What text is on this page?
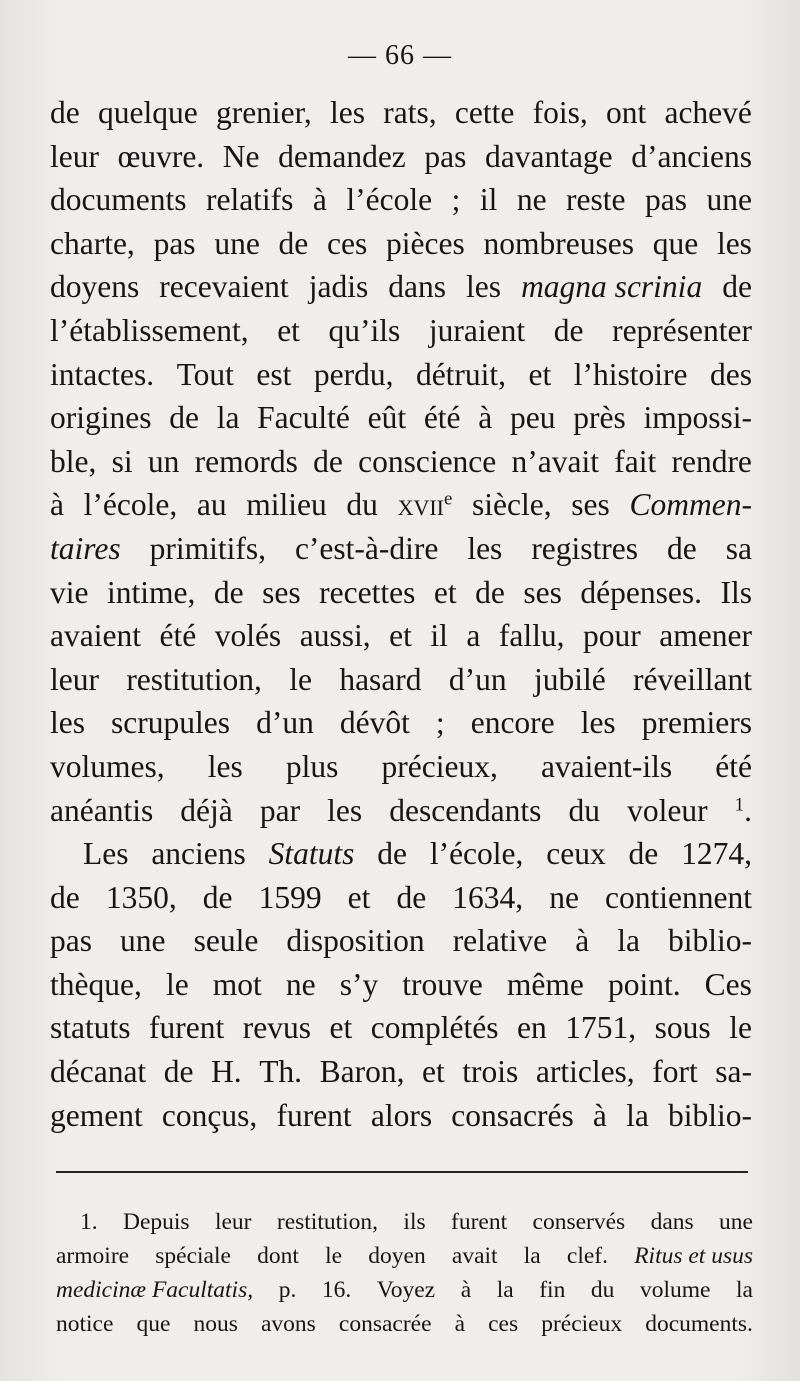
— 66 —
de quelque grenier, les rats, cette fois, ont achevé
leur œuvre. Ne demandez pas davantage d’anciens
documents relatifs à l’école ; il ne reste pas une
charte, pas une de ces pièces nombreuses que les
doyens recevaient jadis dans les magna scrinia de
l’établissement, et qu’ils juraient de représenter
intactes. Tout est perdu, détruit, et l’histoire des
origines de la Faculté eût été à peu près impossi-
ble, si un remords de conscience n’avait fait rendre
à l’école, au milieu du xvii$^e$ siècle, ses Commen-
taires primitifs, c’est-à-dire les registres de sa
vie intime, de ses recettes et de ses dépenses. Ils
avaient été volés aussi, et il a fallu, pour amener
leur restitution, le hasard d’un jubilé réveillant
les scrupules d’un dévôt ; encore les premiers
volumes, les plus précieux, avaient-ils été
anéantis déjà par les descendants du voleur $^1$.
Les anciens Statuts de l’école, ceux de 1274,
de 1350, de 1599 et de 1634, ne contiennent
pas une seule disposition relative à la biblio-
thèque, le mot ne s’y trouve même point. Ces
statuts furent revus et complétés en 1751, sous le
décanat de H. Th. Baron, et trois articles, fort sa-
gement conçus, furent alors consacrés à la biblio-
1. Depuis leur restitution, ils furent conservés dans une
armoire spéciale dont le doyen avait la clef. Ritus et usus
medicinæ Facultatis, p. 16. Voyez à la fin du volume la
notice que nous avons consacrée à ces précieux documents.
